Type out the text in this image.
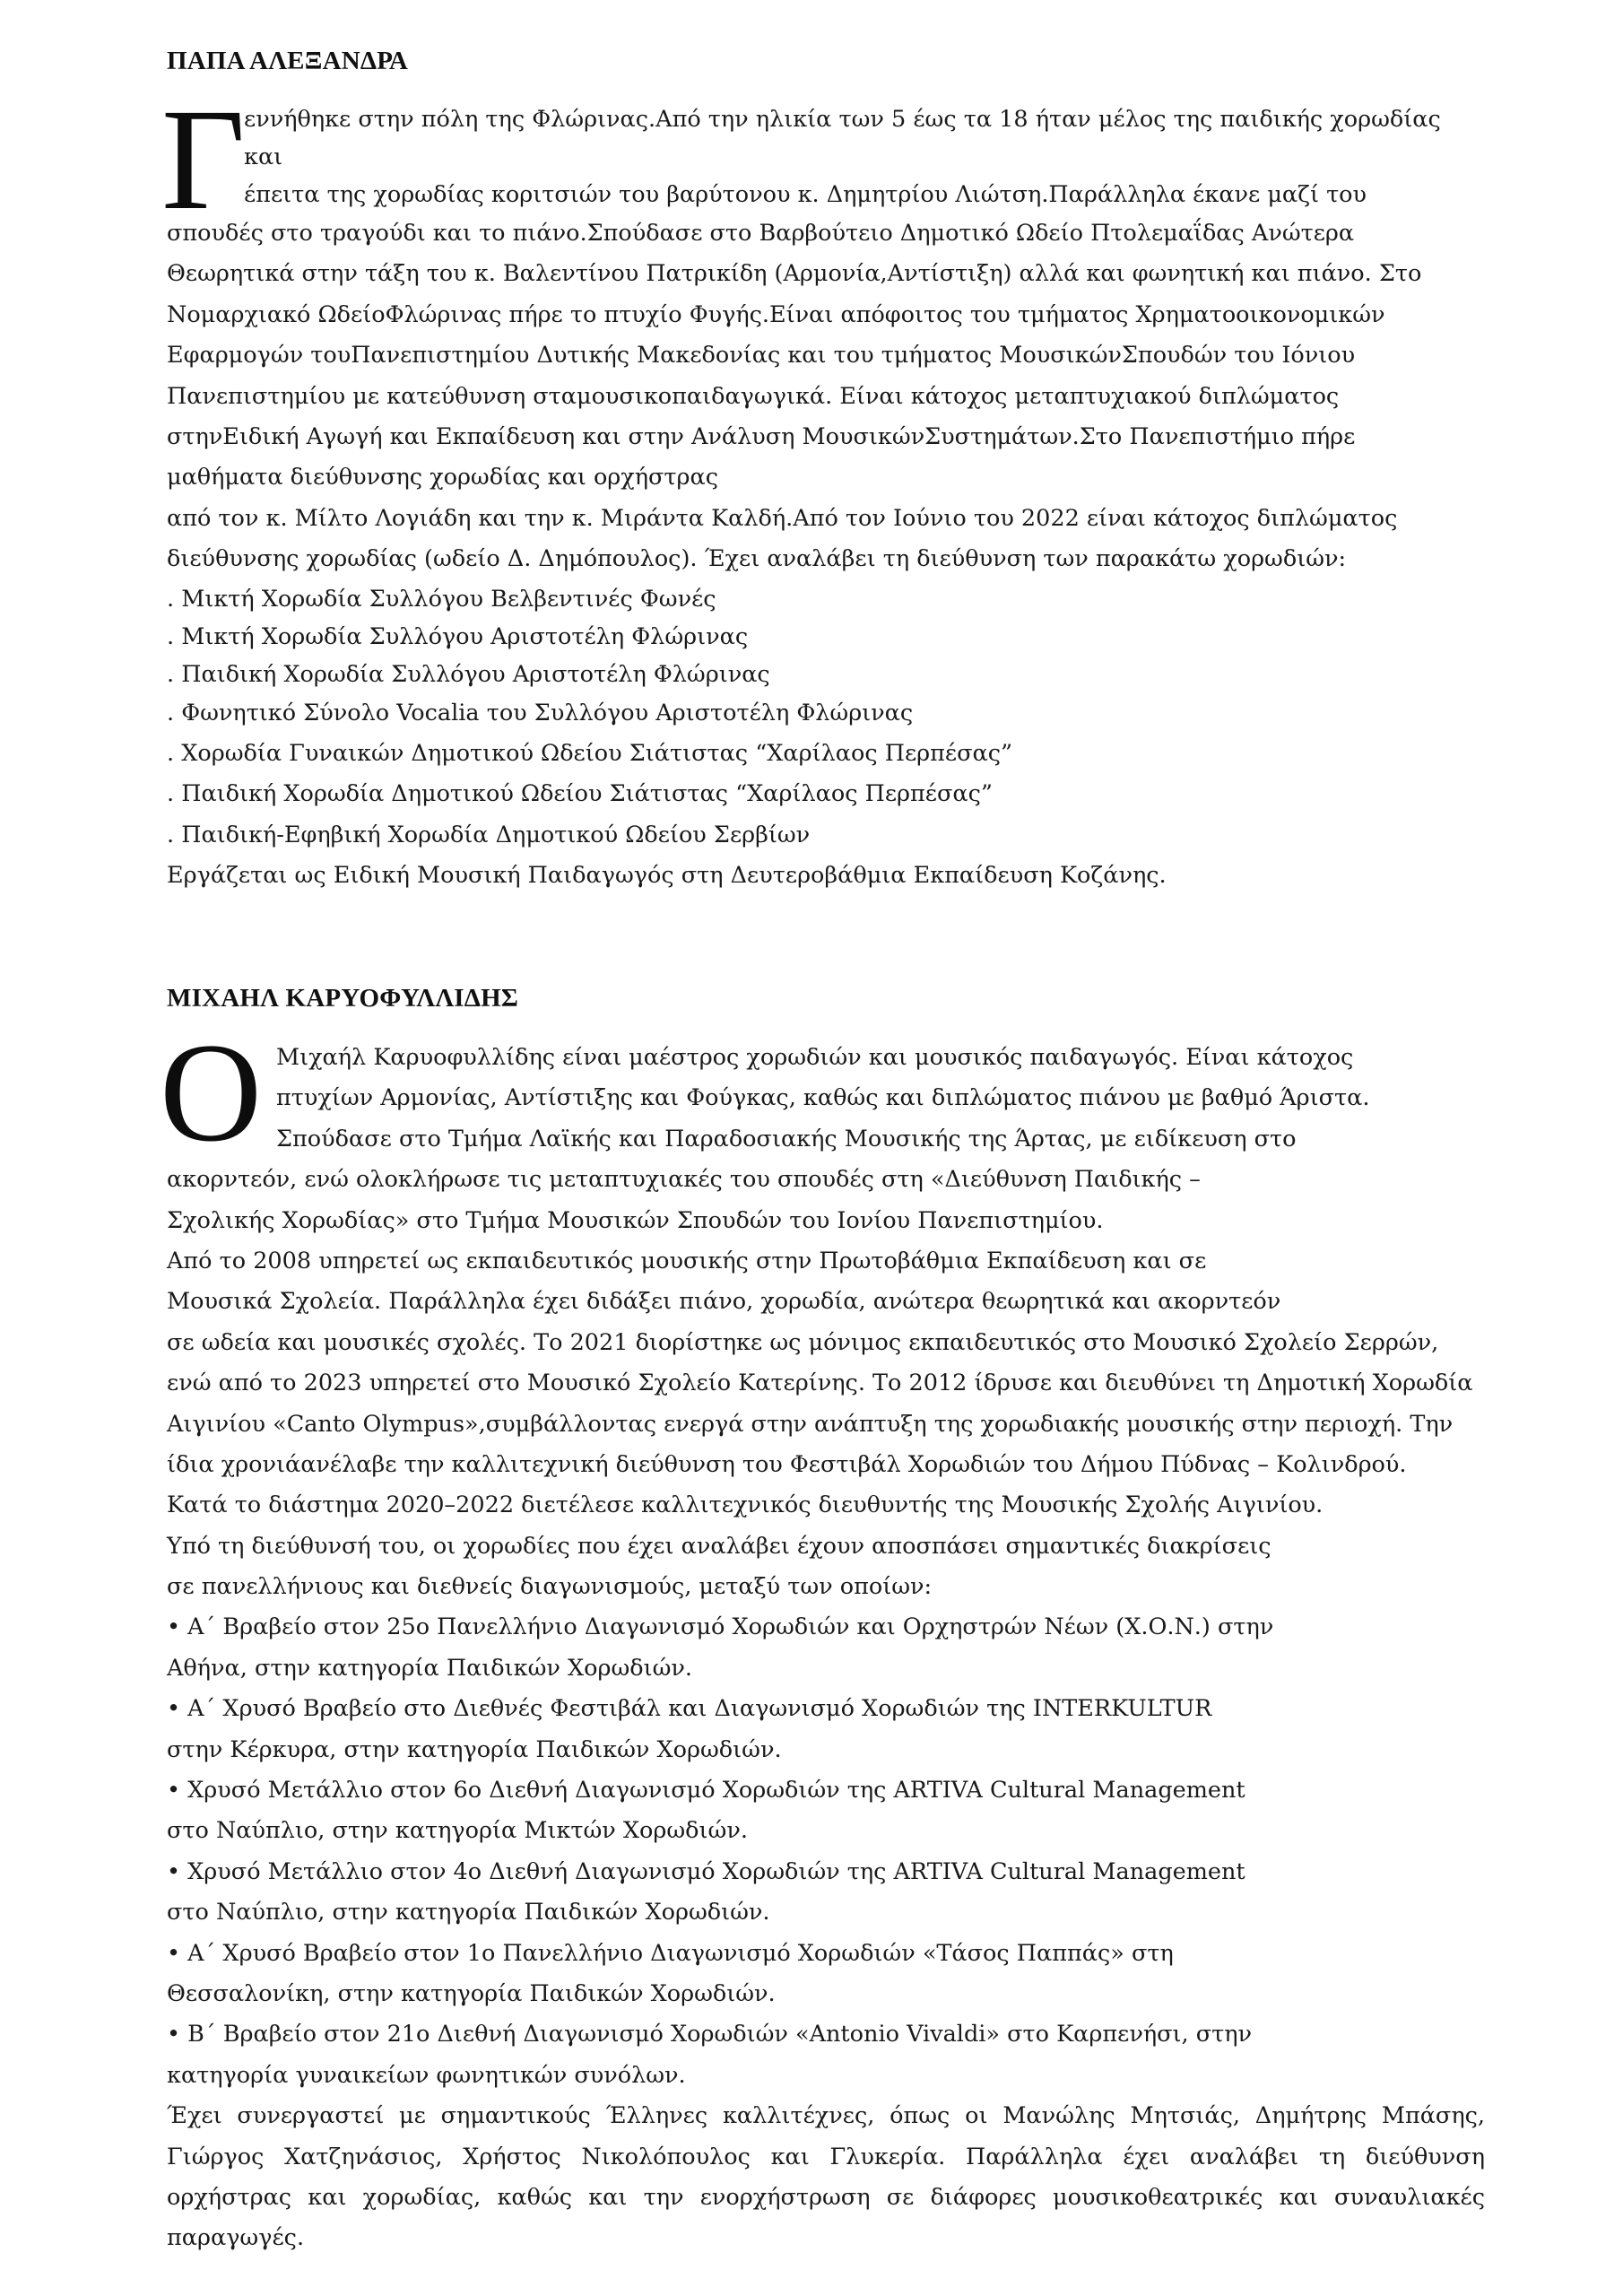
ΠΑΠΑ ΑΛΕΞΑΝΔΡΑ
Γ
εννήθηκε στην πόλη της Φλώρινας.Από την ηλικία των 5 έως τα 18 ήταν μέλος της παιδικής χορωδίας
και
έπειτα της χορωδίας κοριτσιών του βαρύτονου κ. Δημητρίου Λιώτση.Παράλληλα έκανε μαζί του
σπουδές στο τραγούδι και το πιάνο.Σπούδασε στο Βαρβούτειο Δημοτικό Ωδείο Πτολεμαΐδας Ανώτερα
Θεωρητικά στην τάξη του κ. Βαλεντίνου Πατρικίδη (Αρμονία,Αντίστιξη) αλλά και φωνητική και πιάνο. Στο
Νομαρχιακό ΩδείοΦλώρινας πήρε το πτυχίο Φυγής.Είναι απόφοιτος του τμήματος Χρηματοοικονομικών
Εφαρμογών τουΠανεπιστημίου Δυτικής Μακεδονίας και του τμήματος ΜουσικώνΣπουδών του Ιόνιου
Πανεπιστημίου με κατεύθυνση σταμουσικοπαιδαγωγικά. Είναι κάτοχος μεταπτυχιακού διπλώματος
στηνΕιδική Αγωγή και Εκπαίδευση και στην Ανάλυση ΜουσικώνΣυστημάτων.Στο Πανεπιστήμιο πήρε
μαθήματα διεύθυνσης χορωδίας και ορχήστρας
από τον κ. Μίλτο Λογιάδη και την κ. Μιράντα Καλδή.Από τον Ιούνιο του 2022 είναι κάτοχος διπλώματος
διεύθυνσης χορωδίας (ωδείο Δ. Δημόπουλος). Έχει αναλάβει τη διεύθυνση των παρακάτω χορωδιών:
. Μικτή Χορωδία Συλλόγου Βελβεντινές Φωνές
. Μικτή Χορωδία Συλλόγου Αριστοτέλη Φλώρινας
. Παιδική Χορωδία Συλλόγου Αριστοτέλη Φλώρινας
. Φωνητικό Σύνολο Vocalia του Συλλόγου Αριστοτέλη Φλώρινας
. Χορωδία Γυναικών Δημοτικού Ωδείου Σιάτιστας “Χαρίλαος Περπέσας”
. Παιδική Χορωδία Δημοτικού Ωδείου Σιάτιστας “Χαρίλαος Περπέσας”
. Παιδική-Εφηβική Χορωδία Δημοτικού Ωδείου Σερβίων
Εργάζεται ως Ειδική Μουσική Παιδαγωγός στη Δευτεροβάθμια Εκπαίδευση Κοζάνης.
ΜΙΧΑΗΛ ΚΑΡΥΟΦΥΛΛΙΔΗΣ
Ο Μιχαήλ Καρυοφυλλίδης είναι μαέστρος χορωδιών και μουσικός παιδαγωγός. Είναι κάτοχος
πτυχίων Αρμονίας, Αντίστιξης και Φούγκας, καθώς και διπλώματος πιάνου με βαθμό Άριστα.
Σπούδασε στο Τμήμα Λαϊκής και Παραδοσιακής Μουσικής της Άρτας, με ειδίκευση στο
ακορντεόν, ενώ ολοκλήρωσε τις μεταπτυχιακές του σπουδές στη «Διεύθυνση Παιδικής –
Σχολικής Χορωδίας» στο Τμήμα Μουσικών Σπουδών του Ιονίου Πανεπιστημίου.
Από το 2008 υπηρετεί ως εκπαιδευτικός μουσικής στην Πρωτοβάθμια Εκπαίδευση και σε
Μουσικά Σχολεία. Παράλληλα έχει διδάξει πιάνο, χορωδία, ανώτερα θεωρητικά και ακορντεόν
σε ωδεία και μουσικές σχολές. Το 2021 διορίστηκε ως μόνιμος εκπαιδευτικός στο Μουσικό Σχολείο Σερρών,
ενώ από το 2023 υπηρετεί στο Μουσικό Σχολείο Κατερίνης. Το 2012 ίδρυσε και διευθύνει τη Δημοτική Χορωδία
Αιγινίου «Canto Olympus»,συμβάλλοντας ενεργά στην ανάπτυξη της χορωδιακής μουσικής στην περιοχή. Την
ίδια χρονιάανέλαβε την καλλιτεχνική διεύθυνση του Φεστιβάλ Χορωδιών του Δήμου Πύδνας – Κολινδρού.
Κατά το διάστημα 2020–2022 διετέλεσε καλλιτεχνικός διευθυντής της Μουσικής Σχολής Αιγινίου.
Υπό τη διεύθυνσή του, οι χορωδίες που έχει αναλάβει έχουν αποσπάσει σημαντικές διακρίσεις
σε πανελλήνιους και διεθνείς διαγωνισμούς, μεταξύ των οποίων:
• Α΄ Βραβείο στον 25ο Πανελλήνιο Διαγωνισμό Χορωδιών και Ορχηστρών Νέων (Χ.Ο.Ν.) στην
Αθήνα, στην κατηγορία Παιδικών Χορωδιών.
• Α΄ Χρυσό Βραβείο στο Διεθνές Φεστιβάλ και Διαγωνισμό Χορωδιών της INTERKULTUR
στην Κέρκυρα, στην κατηγορία Παιδικών Χορωδιών.
• Χρυσό Μετάλλιο στον 6ο Διεθνή Διαγωνισμό Χορωδιών της ARTIVA Cultural Management
στο Ναύπλιο, στην κατηγορία Μικτών Χορωδιών.
• Χρυσό Μετάλλιο στον 4ο Διεθνή Διαγωνισμό Χορωδιών της ARTIVA Cultural Management
στο Ναύπλιο, στην κατηγορία Παιδικών Χορωδιών.
• Α΄ Χρυσό Βραβείο στον 1ο Πανελλήνιο Διαγωνισμό Χορωδιών «Τάσος Παππάς» στη
Θεσσαλονίκη, στην κατηγορία Παιδικών Χορωδιών.
• Β΄ Βραβείο στον 21ο Διεθνή Διαγωνισμό Χορωδιών «Antonio Vivaldi» στο Καρπενήσι, στην
κατηγορία γυναικείων φωνητικών συνόλων.
Έχει συνεργαστεί με σημαντικούς Έλληνες καλλιτέχνες, όπως οι Μανώλης Μητσιάς, Δημήτρης Μπάσης,
Γιώργος Χατζηνάσιος, Χρήστος Νικολόπουλος και Γλυκερία. Παράλληλα έχει αναλάβει τη διεύθυνση
ορχήστρας και χορωδίας, καθώς και την ενορχήστρωση σε διάφορες μουσικοθεατρικές και συναυλιακές
παραγωγές.
